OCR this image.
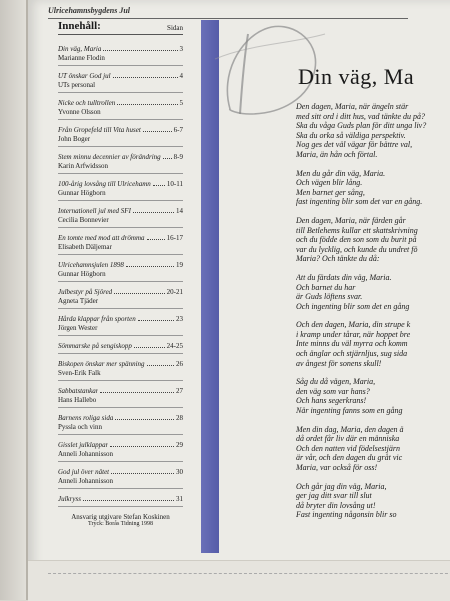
Ulricehamnsbygdens Jul
Innehåll:	Sidan
Din väg, Maria	3
Marianne Flodin
UT önskar God jul	4
UTs personal
Nicke och tulltrollen	5
Yvonne Olsson
Från Gropefeld till Vita huset	6-7
John Boger
Stem minnu decennier av förändring 8-9
Karin Arfwidsson
100-årig lovsång till Ulricehamn 10-11
Gunnar Högborn
Internationell jul med SFI	14
Cecilia Bonnevier
En tomte med mod att drömma	16-17
Elisabeth Däljemar
Ulricehamnsjulen 1898	19
Gunnar Högborn
Julbestyr på Sjöred	20-21
Agneta Tjäder
Hårda klappar från sporten	23
Jörgen Wester
Sömmarske på sengiskopp	24-25
Biskopen önskar mer spänning	26
Sven-Erik Falk
Sabbatstankar	27
Hans Hallebo
Barnens roliga sida	28
Pyssla och vinn
Gisslet julklappar	29
Anneli Johannisson
God jul över nätet	30
Anneli Johannisson
Julkryss	31
Ansvarig utgivare Stefan Koskinen
Tryck: Borås Tidning 1998
Din väg, Ma
Den dagen, Maria, när ängeln stär
med sitt ord i ditt hus, vad tänkte du på?
Ska du våga Guds plan för ditt unga liv?
Ska du orka så väldiga perspektiv.
Nog ges det väl vägar för bättre val,
Maria, än hån och förtal.
Men du går din väg, Maria.
Och vägen blir lång.
Men barnet ger sång,
fast ingenting blir som det var en gång.
Den dagen, Maria, när färden går
till Betlehems kullar ett skattskrivning
och du födde den son som du burit på
var du lycklig, och kunde du undret fö
Maria? Och tänkte du då:
Att du färdats din väg, Maria.
Och barnet du har
är Guds löftens svar.
Och ingenting blir som det en gång
Och den dagen, Maria, din strupe k
i kramp under tårar, när hoppet bre
Inte minns du väl myrra och komm
och änglar och stjärnljus, sug sida
av ångest för sonens skull!
Såg du då vägen, Maria,
den väg som var hans?
Och hans segerkrans!
När ingenting fanns som en gång
Men din dag, Maria, den dagen ä
då ordet får liv där en människa
Och den natten vid födelsestjärn
är vår, och den dagen du gråt vic
Maria, var också för oss!
Och går jag din väg, Maria,
ger jag ditt svar till slut
då bryter din lovsång ut!
Fast ingenting någonsin blir so
